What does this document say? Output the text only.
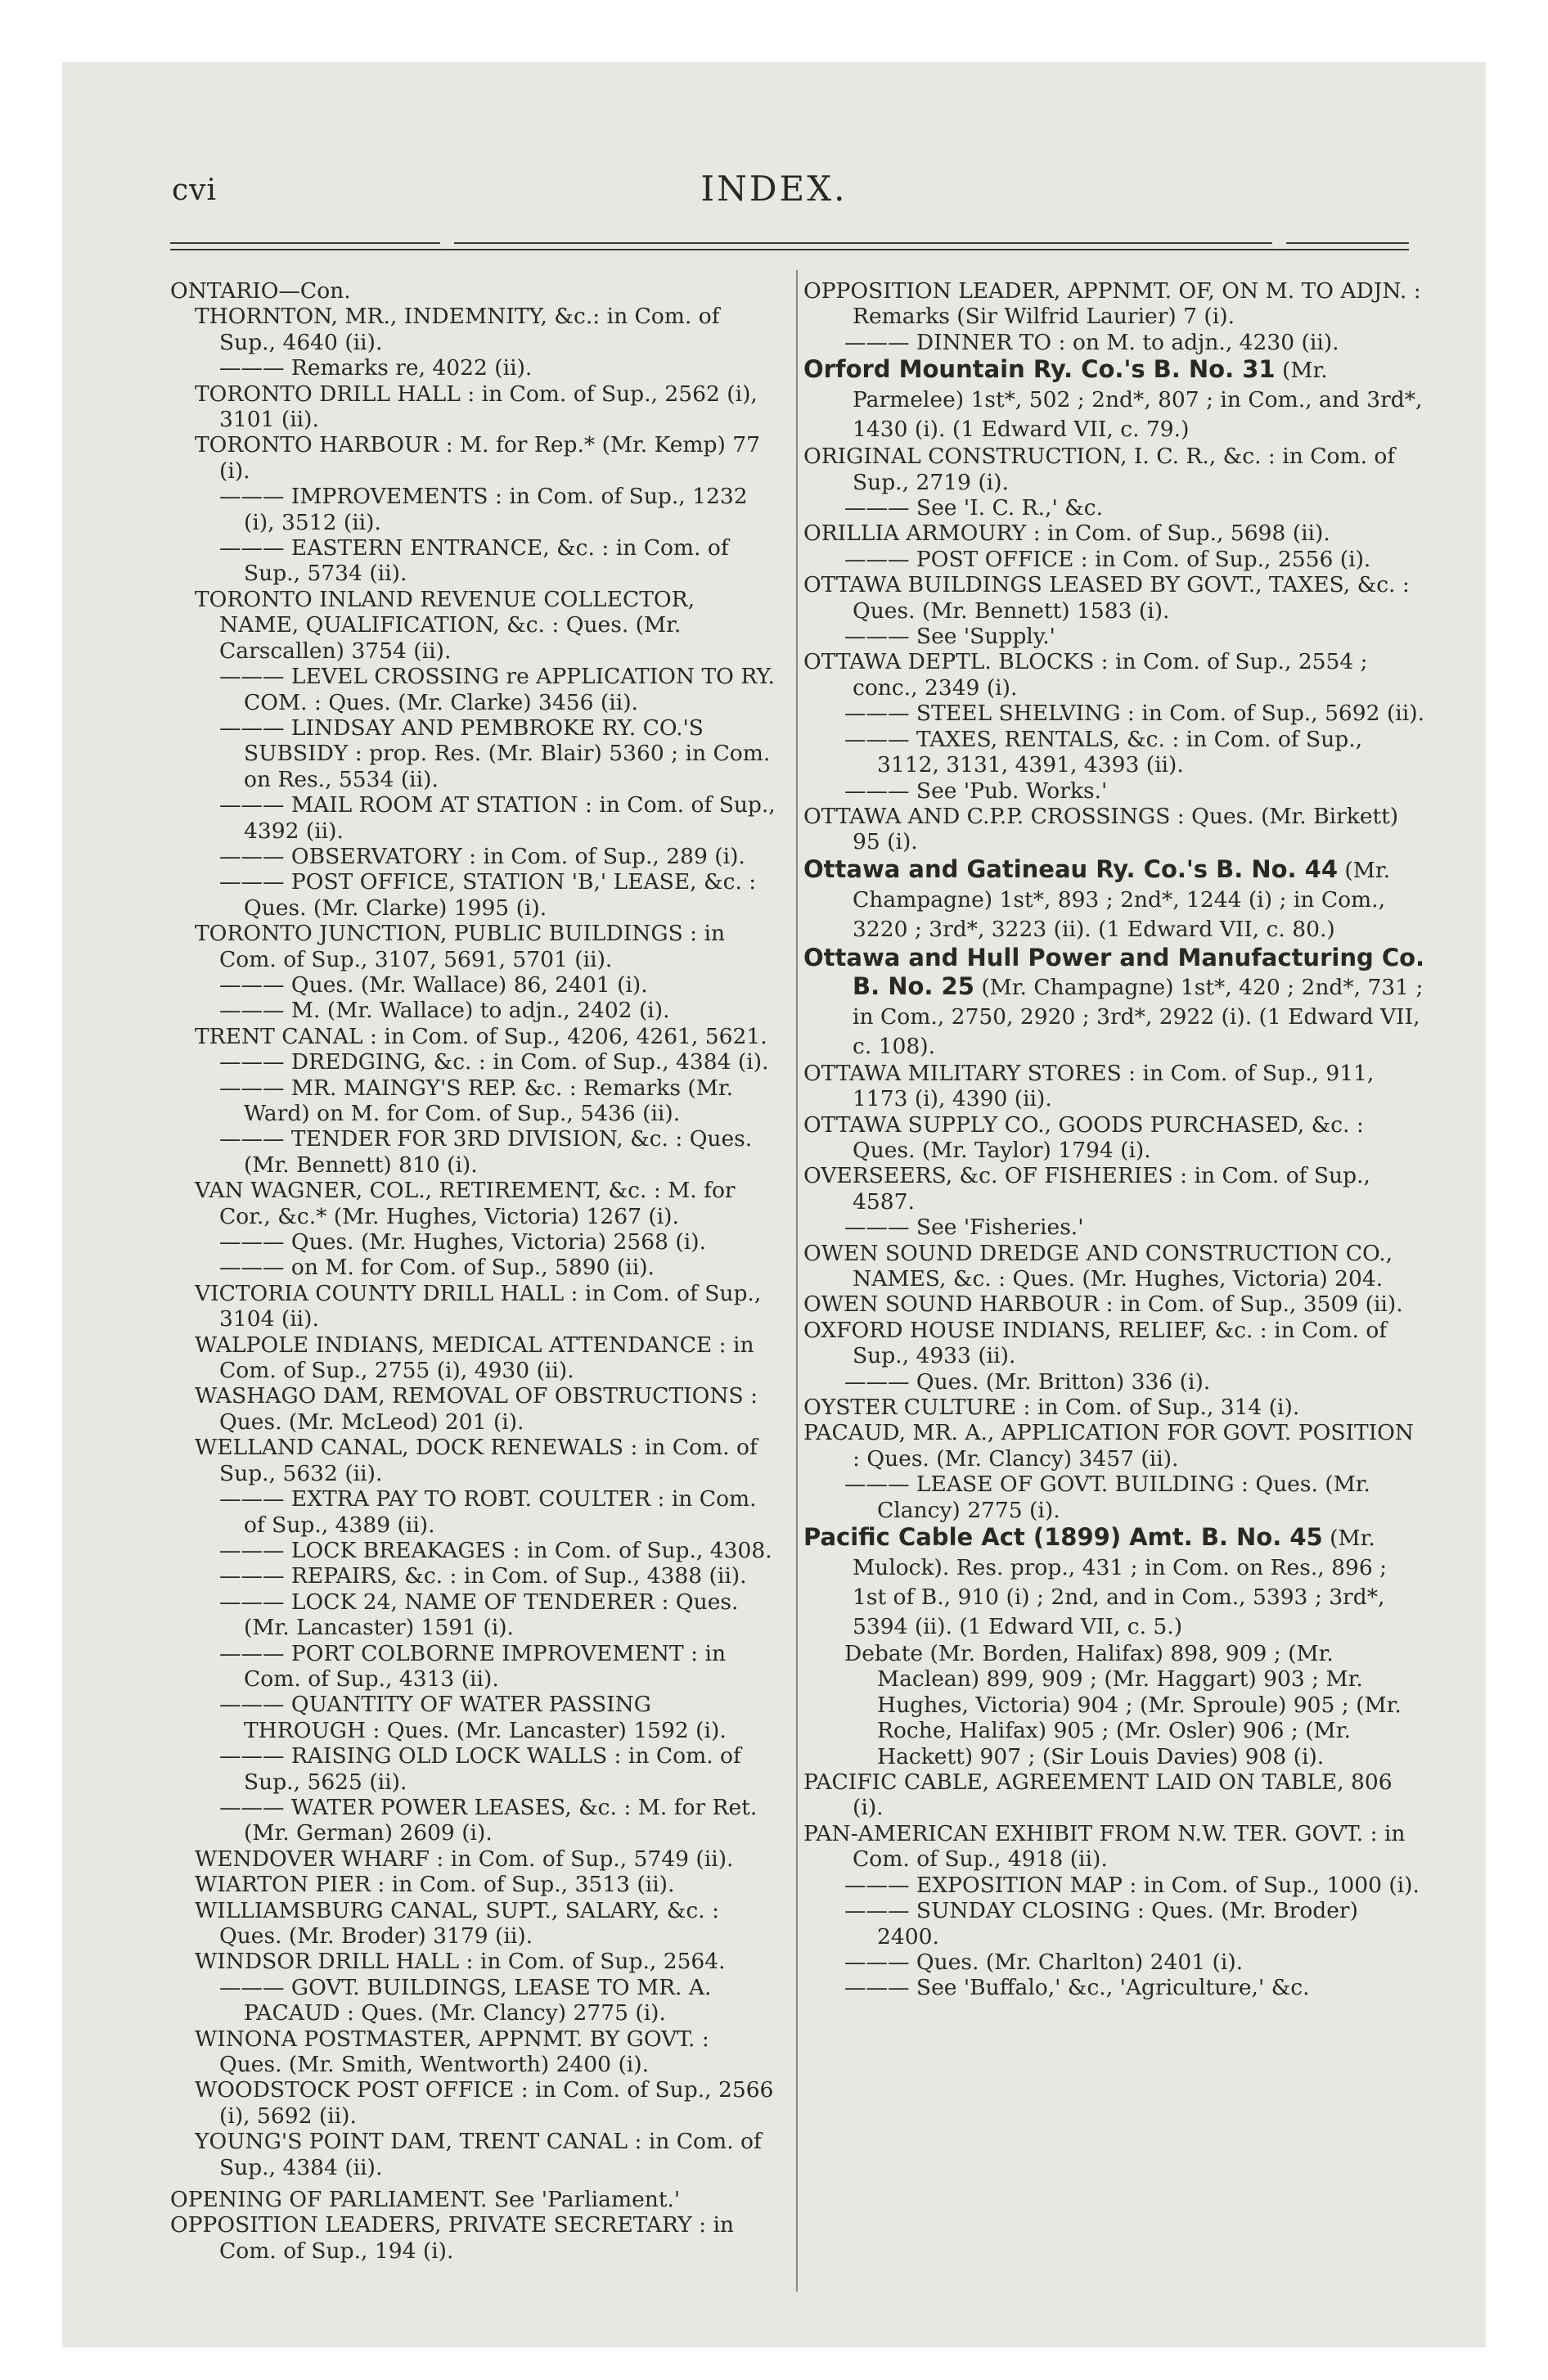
cvi	INDEX.

ONTARIO—Con.

THORNTON, MR., INDEMNITY, &c.: in Com. of Sup., 4640 (ii).

——— Remarks re, 4022 (ii).

TORONTO DRILL HALL : in Com. of Sup., 2562 (i), 3101 (ii).

TORONTO HARBOUR : M. for Rep.* (Mr. Kemp) 77 (i).

——— IMPROVEMENTS : in Com. of Sup., 1232 (i), 3512 (ii).

——— EASTERN ENTRANCE, &c. : in Com. of Sup., 5734 (ii).

TORONTO INLAND REVENUE COLLECTOR, NAME, QUALIFICATION, &c. : Ques. (Mr. Carscallen) 3754 (ii).

——— LEVEL CROSSING re APPLICATION TO RY. COM. : Ques. (Mr. Clarke) 3456 (ii).

——— LINDSAY AND PEMBROKE RY. CO.'S SUBSIDY : prop. Res. (Mr. Blair) 5360 ; in Com. on Res., 5534 (ii).

——— MAIL ROOM AT STATION : in Com. of Sup., 4392 (ii).

——— OBSERVATORY : in Com. of Sup., 289 (i).

——— POST OFFICE, STATION 'B,' LEASE, &c. : Ques. (Mr. Clarke) 1995 (i).

TORONTO JUNCTION, PUBLIC BUILDINGS : in Com. of Sup., 3107, 5691, 5701 (ii).

——— Ques. (Mr. Wallace) 86, 2401 (i).

——— M. (Mr. Wallace) to adjn., 2402 (i).

TRENT CANAL : in Com. of Sup., 4206, 4261, 5621.

——— DREDGING, &c. : in Com. of Sup., 4384 (i).

——— MR. MAINGY'S REP. &c. : Remarks (Mr. Ward) on M. for Com. of Sup., 5436 (ii).

——— TENDER FOR 3RD DIVISION, &c. : Ques. (Mr. Bennett) 810 (i).

VAN WAGNER, COL., RETIREMENT, &c. : M. for Cor., &c.* (Mr. Hughes, Victoria) 1267 (i).

——— Ques. (Mr. Hughes, Victoria) 2568 (i).

——— on M. for Com. of Sup., 5890 (ii).

VICTORIA COUNTY DRILL HALL : in Com. of Sup., 3104 (ii).

WALPOLE INDIANS, MEDICAL ATTENDANCE : in Com. of Sup., 2755 (i), 4930 (ii).

WASHAGO DAM, REMOVAL OF OBSTRUCTIONS : Ques. (Mr. McLeod) 201 (i).

WELLAND CANAL, DOCK RENEWALS : in Com. of Sup., 5632 (ii).

——— EXTRA PAY TO ROBT. COULTER : in Com. of Sup., 4389 (ii).

——— LOCK BREAKAGES : in Com. of Sup., 4308.

——— REPAIRS, &c. : in Com. of Sup., 4388 (ii).

——— LOCK 24, NAME OF TENDERER : Ques. (Mr. Lancaster) 1591 (i).

——— PORT COLBORNE IMPROVEMENT : in Com. of Sup., 4313 (ii).

——— QUANTITY OF WATER PASSING THROUGH : Ques. (Mr. Lancaster) 1592 (i).

——— RAISING OLD LOCK WALLS : in Com. of Sup., 5625 (ii).

——— WATER POWER LEASES, &c. : M. for Ret. (Mr. German) 2609 (i).

WENDOVER WHARF : in Com. of Sup., 5749 (ii).

WIARTON PIER : in Com. of Sup., 3513 (ii).

WILLIAMSBURG CANAL, SUPT., SALARY, &c. : Ques. (Mr. Broder) 3179 (ii).

WINDSOR DRILL HALL : in Com. of Sup., 2564.

——— GOVT. BUILDINGS, LEASE TO MR. A. PACAUD : Ques. (Mr. Clancy) 2775 (i).

WINONA POSTMASTER, APPNMT. BY GOVT. : Ques. (Mr. Smith, Wentworth) 2400 (i).

WOODSTOCK POST OFFICE : in Com. of Sup., 2566 (i), 5692 (ii).

YOUNG'S POINT DAM, TRENT CANAL : in Com. of Sup., 4384 (ii).

OPENING OF PARLIAMENT. See 'Parliament.'

OPPOSITION LEADERS, PRIVATE SECRETARY : in Com. of Sup., 194 (i).

OPPOSITION LEADER, APPNMT. OF, ON M. TO ADJN. : Remarks (Sir Wilfrid Laurier) 7 (i).

——— DINNER TO : on M. to adjn., 4230 (ii).

Orford Mountain Ry. Co.'s B. No. 31 (Mr. Parmelee) 1st*, 502 ; 2nd*, 807 ; in Com., and 3rd*, 1430 (i). (1 Edward VII, c. 79.)

ORIGINAL CONSTRUCTION, I. C. R., &c. : in Com. of Sup., 2719 (i).

——— See 'I. C. R.,' &c.

ORILLIA ARMOURY : in Com. of Sup., 5698 (ii).

——— POST OFFICE : in Com. of Sup., 2556 (i).

OTTAWA BUILDINGS LEASED BY GOVT., TAXES, &c. : Ques. (Mr. Bennett) 1583 (i).

——— See 'Supply.'

OTTAWA DEPTL. BLOCKS : in Com. of Sup., 2554 ; conc., 2349 (i).

——— STEEL SHELVING : in Com. of Sup., 5692 (ii).

——— TAXES, RENTALS, &c. : in Com. of Sup., 3112, 3131, 4391, 4393 (ii).

——— See 'Pub. Works.'

OTTAWA AND C.P.P. CROSSINGS : Ques. (Mr. Birkett) 95 (i).

Ottawa and Gatineau Ry. Co.'s B. No. 44 (Mr. Champagne) 1st*, 893 ; 2nd*, 1244 (i) ; in Com., 3220 ; 3rd*, 3223 (ii). (1 Edward VII, c. 80.)

Ottawa and Hull Power and Manufacturing Co. B. No. 25 (Mr. Champagne) 1st*, 420 ; 2nd*, 731 ; in Com., 2750, 2920 ; 3rd*, 2922 (i). (1 Edward VII, c. 108).

OTTAWA MILITARY STORES : in Com. of Sup., 911, 1173 (i), 4390 (ii).

OTTAWA SUPPLY CO., GOODS PURCHASED, &c. : Ques. (Mr. Taylor) 1794 (i).

OVERSEERS, &c. OF FISHERIES : in Com. of Sup., 4587.

——— See 'Fisheries.'

OWEN SOUND DREDGE AND CONSTRUCTION CO., NAMES, &c. : Ques. (Mr. Hughes, Victoria) 204.

OWEN SOUND HARBOUR : in Com. of Sup., 3509 (ii).

OXFORD HOUSE INDIANS, RELIEF, &c. : in Com. of Sup., 4933 (ii).

——— Ques. (Mr. Britton) 336 (i).

OYSTER CULTURE : in Com. of Sup., 314 (i).

PACAUD, MR. A., APPLICATION FOR GOVT. POSITION : Ques. (Mr. Clancy) 3457 (ii).

——— LEASE OF GOVT. BUILDING : Ques. (Mr. Clancy) 2775 (i).

Pacific Cable Act (1899) Amt. B. No. 45 (Mr. Mulock). Res. prop., 431 ; in Com. on Res., 896 ; 1st of B., 910 (i) ; 2nd, and in Com., 5393 ; 3rd*, 5394 (ii). (1 Edward VII, c. 5.)

Debate (Mr. Borden, Halifax) 898, 909 ; (Mr. Maclean) 899, 909 ; (Mr. Haggart) 903 ; Mr. Hughes, Victoria) 904 ; (Mr. Sproule) 905 ; (Mr. Roche, Halifax) 905 ; (Mr. Osler) 906 ; (Mr. Hackett) 907 ; (Sir Louis Davies) 908 (i).

PACIFIC CABLE, AGREEMENT LAID ON TABLE, 806 (i).

PAN-AMERICAN EXHIBIT FROM N.W. TER. GOVT. : in Com. of Sup., 4918 (ii).

——— EXPOSITION MAP : in Com. of Sup., 1000 (i).

——— SUNDAY CLOSING : Ques. (Mr. Broder) 2400.

——— Ques. (Mr. Charlton) 2401 (i).

——— See 'Buffalo,' &c., 'Agriculture,' &c.
